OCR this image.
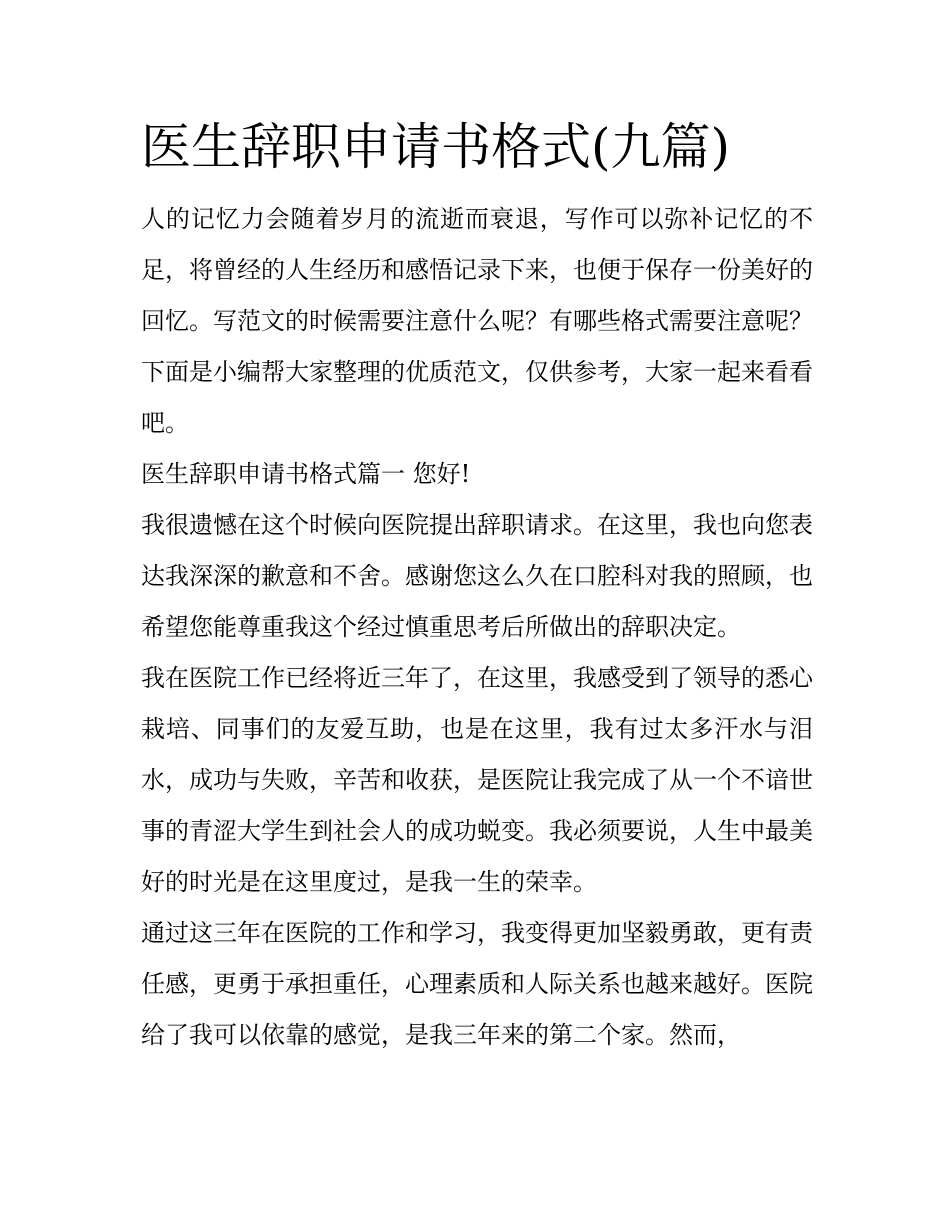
医生辞职申请书格式(九篇)

人的记忆力会随着岁月的流逝而衰退，写作可以弥补记忆的不足，将曾经的人生经历和感悟记录下来，也便于保存一份美好的回忆。写范文的时候需要注意什么呢？有哪些格式需要注意呢？下面是小编帮大家整理的优质范文，仅供参考，大家一起来看看吧。

医生辞职申请书格式篇一 您好!

我很遗憾在这个时候向医院提出辞职请求。在这里，我也向您表达我深深的歉意和不舍。感谢您这么久在口腔科对我的照顾，也希望您能尊重我这个经过慎重思考后所做出的辞职决定。

我在医院工作已经将近三年了，在这里，我感受到了领导的悉心栽培、同事们的友爱互助，也是在这里，我有过太多汗水与泪水，成功与失败，辛苦和收获，是医院让我完成了从一个不谙世事的青涩大学生到社会人的成功蜕变。我必须要说，人生中最美好的时光是在这里度过，是我一生的荣幸。

通过这三年在医院的工作和学习，我变得更加坚毅勇敢，更有责任感，更勇于承担重任，心理素质和人际关系也越来越好。医院给了我可以依靠的感觉，是我三年来的第二个家。然而，
